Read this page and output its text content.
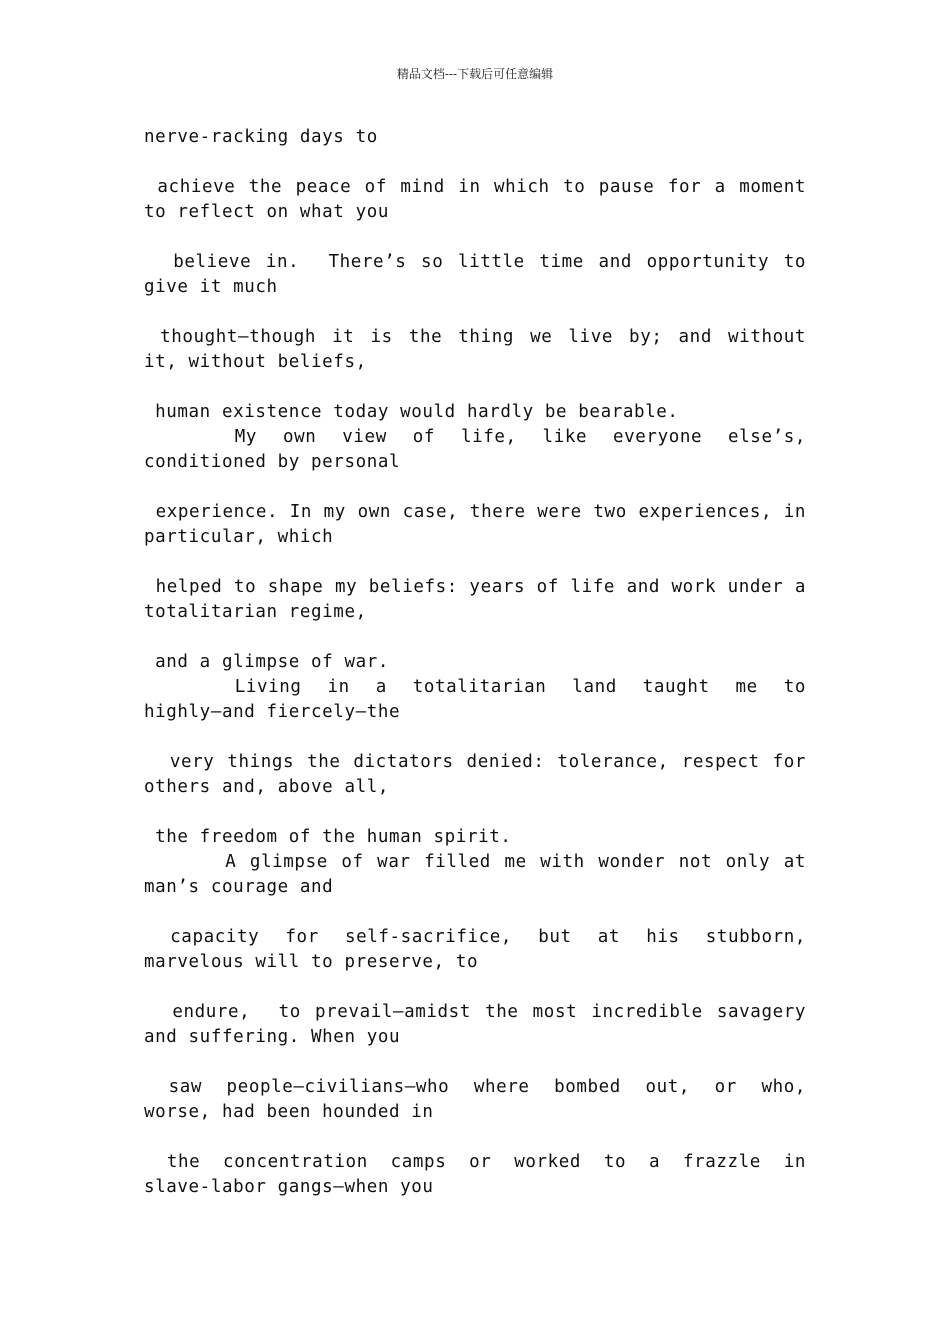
精品文档---下载后可任意编辑
nerve-racking days to
achieve the peace of mind in which to pause for a moment
to reflect on what you
believe in.  There’s so little time and opportunity to
give it much
thought—though it is the thing we live by; and without
it, without beliefs,
human existence today would hardly be bearable.
My  own  view  of  life,  like  everyone  else’s,
conditioned by personal
experience. In my own case, there were two experiences, in
particular, which
helped to shape my beliefs: years of life and work under a
totalitarian regime,
and a glimpse of war.
Living  in  a  totalitarian  land  taught  me  to
highly—and fiercely—the
very things the dictators denied: tolerance, respect for
others and, above all,
the freedom of the human spirit.
A glimpse of war filled me with wonder not only at
man’s courage and
capacity  for  self-sacrifice,  but  at  his  stubborn,
marvelous will to preserve, to
endure,  to prevail—amidst the most incredible savagery
and suffering. When you
saw  people—civilians—who  where  bombed  out,  or  who,
worse, had been hounded in
the  concentration  camps  or  worked  to  a  frazzle  in
slave-labor gangs—when you
